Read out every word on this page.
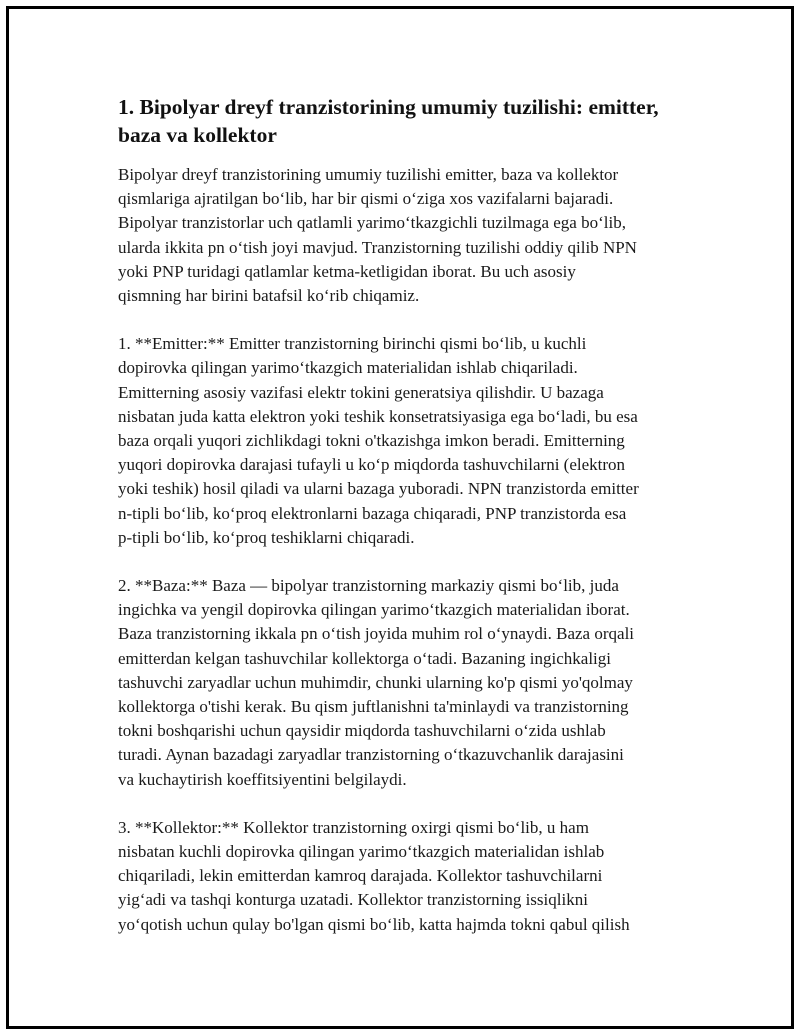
1. Bipolyar dreyf tranzistorining umumiy tuzilishi: emitter,
baza va kollektor

Bipolyar dreyf tranzistorining umumiy tuzilishi emitter, baza va kollektor
qismlariga ajratilgan bo‘lib, har bir qismi o‘ziga xos vazifalarni bajaradi.
Bipolyar tranzistorlar uch qatlamli yarimo‘tkazgichli tuzilmaga ega bo‘lib,
ularda ikkita pn o‘tish joyi mavjud. Tranzistorning tuzilishi oddiy qilib NPN
yoki PNP turidagi qatlamlar ketma-ketligidan iborat. Bu uch asosiy
qismning har birini batafsil ko‘rib chiqamiz.

1. **Emitter:** Emitter tranzistorning birinchi qismi bo‘lib, u kuchli
dopirovka qilingan yarimo‘tkazgich materialidan ishlab chiqariladi.
Emitterning asosiy vazifasi elektr tokini generatsiya qilishdir. U bazaga
nisbatan juda katta elektron yoki teshik konsetratsiyasiga ega bo‘ladi, bu esa
baza orqali yuqori zichlikdagi tokni o'tkazishga imkon beradi. Emitterning
yuqori dopirovka darajasi tufayli u ko‘p miqdorda tashuvchilarni (elektron
yoki teshik) hosil qiladi va ularni bazaga yuboradi. NPN tranzistorda emitter
n-tipli bo‘lib, ko‘proq elektronlarni bazaga chiqaradi, PNP tranzistorda esa
p-tipli bo‘lib, ko‘proq teshiklarni chiqaradi.

2. **Baza:** Baza — bipolyar tranzistorning markaziy qismi bo‘lib, juda
ingichka va yengil dopirovka qilingan yarimo‘tkazgich materialidan iborat.
Baza tranzistorning ikkala pn o‘tish joyida muhim rol o‘ynaydi. Baza orqali
emitterdan kelgan tashuvchilar kollektorga o‘tadi. Bazaning ingichkaligi
tashuvchi zaryadlar uchun muhimdir, chunki ularning ko'p qismi yo'qolmay
kollektorga o'tishi kerak. Bu qism juftlanishni ta'minlaydi va tranzistorning
tokni boshqarishi uchun qaysidir miqdorda tashuvchilarni o‘zida ushlab
turadi. Aynan bazadagi zaryadlar tranzistorning o‘tkazuvchanlik darajasini
va kuchaytirish koeffitsiyentini belgilaydi.

3. **Kollektor:** Kollektor tranzistorning oxirgi qismi bo‘lib, u ham
nisbatan kuchli dopirovka qilingan yarimo‘tkazgich materialidan ishlab
chiqariladi, lekin emitterdan kamroq darajada. Kollektor tashuvchilarni
yig‘adi va tashqi konturga uzatadi. Kollektor tranzistorning issiqlikni
yo‘qotish uchun qulay bo'lgan qismi bo‘lib, katta hajmda tokni qabul qilish
